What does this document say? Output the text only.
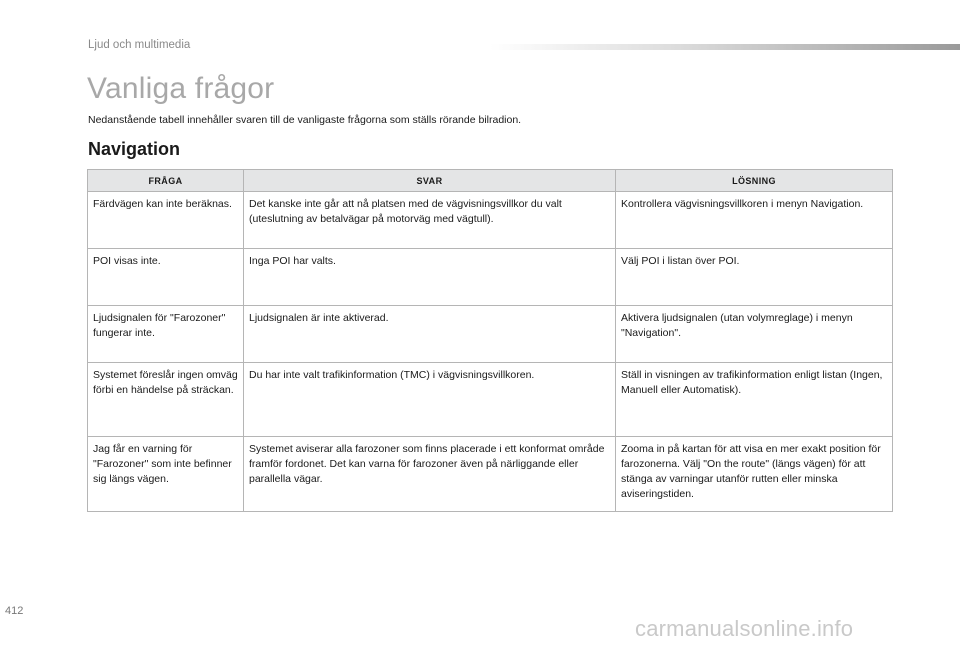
Ljud och multimedia
Vanliga frågor

Nedanstående tabell innehåller svaren till de vanligaste frågorna som ställs rörande bilradion.

Navigation
FRÅGA	SVAR	LÖSNING
Färdvägen kan inte beräknas.	Det kanske inte går att nå platsen med de vägvisningsvillkor du valt (uteslutning av betalvägar på motorväg med vägtull).	Kontrollera vägvisningsvillkoren i menyn Navigation.
POI visas inte.	Inga POI har valts.	Välj POI i listan över POI.
Ljudsignalen för "Farozoner" fungerar inte.	Ljudsignalen är inte aktiverad.	Aktivera ljudsignalen (utan volymreglage) i menyn "Navigation".
Systemet föreslår ingen omväg förbi en händelse på sträckan.	Du har inte valt trafikinformation (TMC) i vägvisningsvillkoren.	Ställ in visningen av trafikinformation enligt listan (Ingen, Manuell eller Automatisk).
Jag får en varning för "Farozoner" som inte befinner sig längs vägen.	Systemet aviserar alla farozoner som finns placerade i ett konformat område framför fordonet. Det kan varna för farozoner även på närliggande eller parallella vägar.	Zooma in på kartan för att visa en mer exakt position för farozonerna. Välj "On the route" (längs vägen) för att stänga av varningar utanför rutten eller minska aviseringstiden.
412
carmanualsonline.info
